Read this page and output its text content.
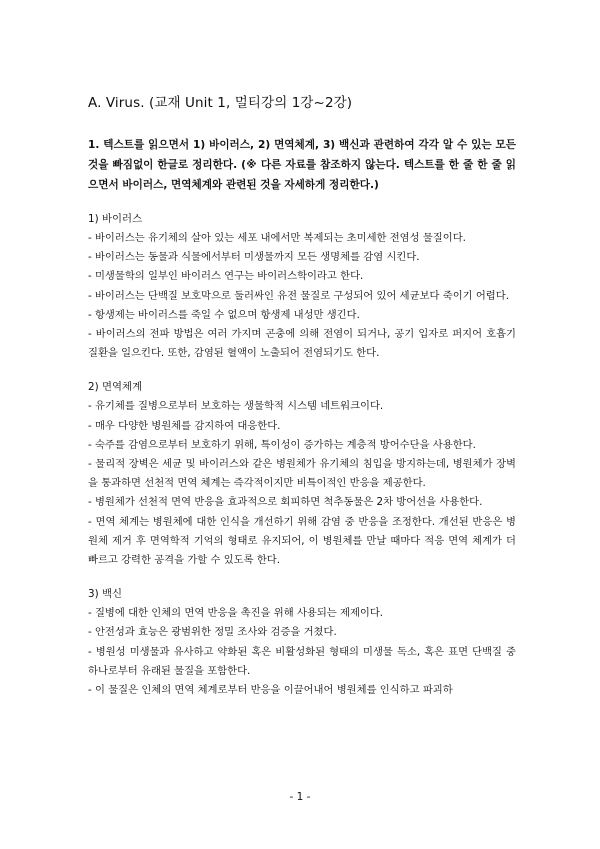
A. Virus. (교재 Unit 1, 멀티강의 1강~2강)

1. 텍스트를 읽으면서 1) 바이러스, 2) 면역체계, 3) 백신과 관련하여 각각 알 수 있는 모든 것을 빠짐없이 한글로 정리한다. (※ 다른 자료를 참조하지 않는다. 텍스트를 한 줄 한 줄 읽으면서 바이러스, 면역체계와 관련된 것을 자세하게 정리한다.)

1) 바이러스

- 바이러스는 유기체의 살아 있는 세포 내에서만 복제되는 초미세한 전염성 물질이다.
- 바이러스는 동물과 식물에서부터 미생물까지 모든 생명체를 감염 시킨다.
- 미생물학의 일부인 바이러스 연구는 바이러스학이라고 한다.
- 바이러스는 단백질 보호막으로 둘러싸인 유전 물질로 구성되어 있어 세균보다 죽이기 어렵다.
- 항생제는 바이러스를 죽일 수 없으며 항생제 내성만 생긴다.
- 바이러스의 전파 방법은 여러 가지며 곤충에 의해 전염이 되거나, 공기 입자로 퍼지어 호흡기 질환을 일으킨다. 또한, 감염된 혈액이 노출되어 전염되기도 한다.

2) 면역체계

- 유기체를 질병으로부터 보호하는 생물학적 시스템 네트워크이다.
- 매우 다양한 병원체를 감지하여 대응한다.
- 숙주를 감염으로부터 보호하기 위해, 특이성이 증가하는 계층적 방어수단을 사용한다.
- 물리적 장벽은 세균 및 바이러스와 같은 병원체가 유기체의 침입을 방지하는데, 병원체가 장벽을 통과하면 선천적 면역 체계는 즉각적이지만 비특이적인 반응을 제공한다.
- 병원체가 선천적 면역 반응을 효과적으로 회피하면 척추동물은 2차 방어선을 사용한다.
- 면역 체계는 병원체에 대한 인식을 개선하기 위해 감염 중 반응을 조정한다. 개선된 반응은 병원체 제거 후 면역학적 기억의 형태로 유지되어, 이 병원체를 만날 때마다 적응 면역 체계가 더 빠르고 강력한 공격을 가할 수 있도록 한다.

3) 백신

- 질병에 대한 인체의 면역 반응을 촉진을 위해 사용되는 제제이다.
- 안전성과 효능은 광범위한 정밀 조사와 검증을 거쳤다.
- 병원성 미생물과 유사하고 약화된 혹은 비활성화된 형태의 미생물 독소, 혹은 표면 단백질 중 하나로부터 유래된 물질을 포함한다.
- 이 물질은 인체의 면역 체계로부터 반응을 이끌어내어 병원체를 인식하고 파괴하
- 1 -
